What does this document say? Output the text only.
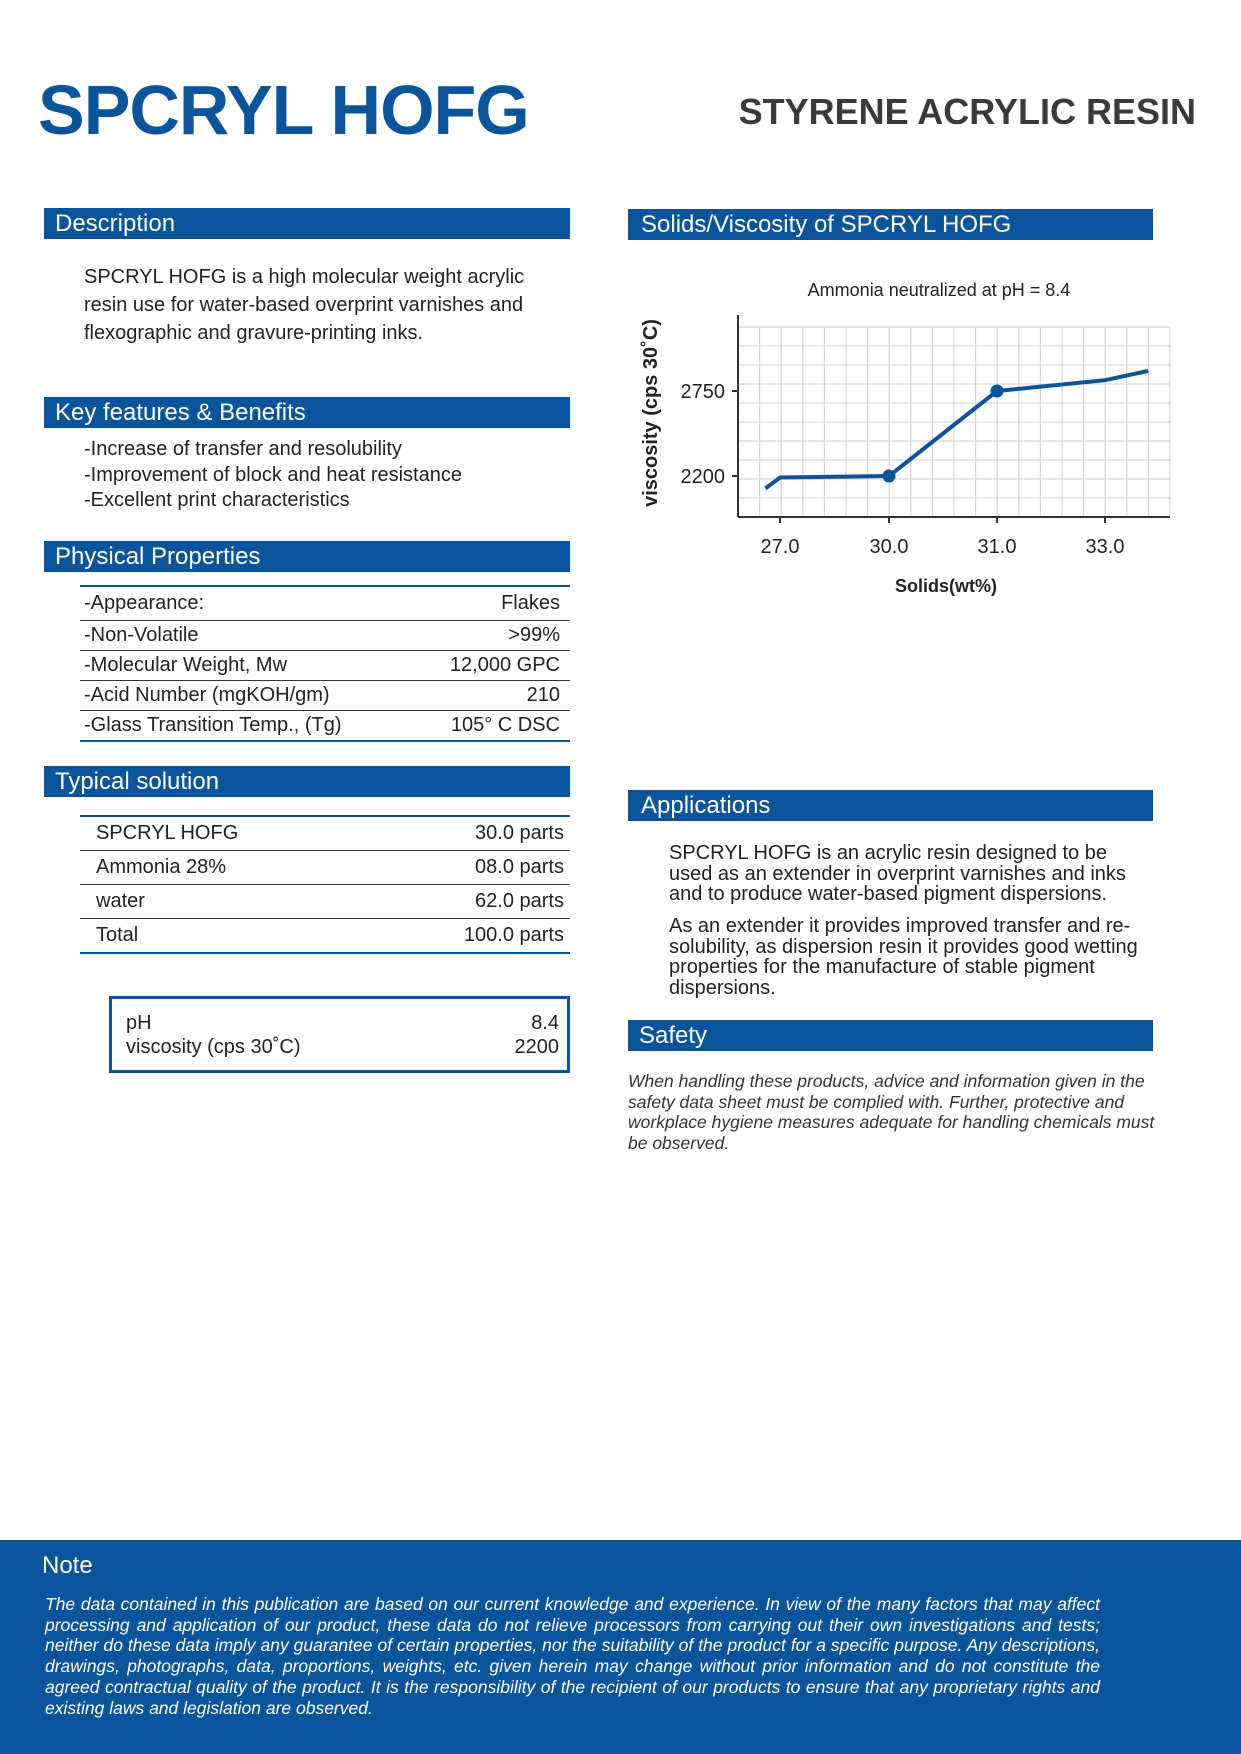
SPCRYL HOFG	STYRENE ACRYLIC RESIN
Description

SPCRYL HOFG is a high molecular weight acrylic resin use for water-based overprint varnishes and flexographic and gravure-printing inks.

Key features & Benefits
-Increase of transfer and resolubility
-Improvement of block and heat resistance
-Excellent print characteristics
Physical Properties
-Appearance:	Flakes
-Non-Volatile	>99%
-Molecular Weight, Mw	12,000 GPC
-Acid Number (mgKOH/gm)	210
-Glass Transition Temp., (Tg)	105° C DSC
Typical solution
SPCRYL HOFG	30.0 parts
Ammonia 28%	08.0 parts
water	62.0 parts
Total	100.0 parts
pH	8.4
viscosity (cps 30˚C)	2200
Solids/Viscosity of SPCRYL HOFG
Ammonia neutralized at pH = 8.4
27.0	30.0	31.0	33.0
2200
2750
Solids(wt%)
viscosity (cps 30˚C)
Applications

SPCRYL HOFG is an acrylic resin designed to be used as an extender in overprint varnishes and inks and to produce water-based pigment dispersions.

As an extender it provides improved transfer and re-solubility, as dispersion resin it provides good wetting properties for the manufacture of stable pigment dispersions.

Safety

When handling these products, advice and information given in the safety data sheet must be complied with. Further, protective and workplace hygiene measures adequate for handling chemicals must be observed.

Note

The data contained in this publication are based on our current knowledge and experience. In view of the many factors that may affect processing and application of our product, these data do not relieve processors from carrying out their own investigations and tests; neither do these data imply any guarantee of certain properties, nor the suitability of the product for a specific purpose. Any descriptions, drawings, photographs, data, proportions, weights, etc. given herein may change without prior information and do not constitute the agreed contractual quality of the product. It is the responsibility of the recipient of our products to ensure that any proprietary rights and existing laws and legislation are observed.
